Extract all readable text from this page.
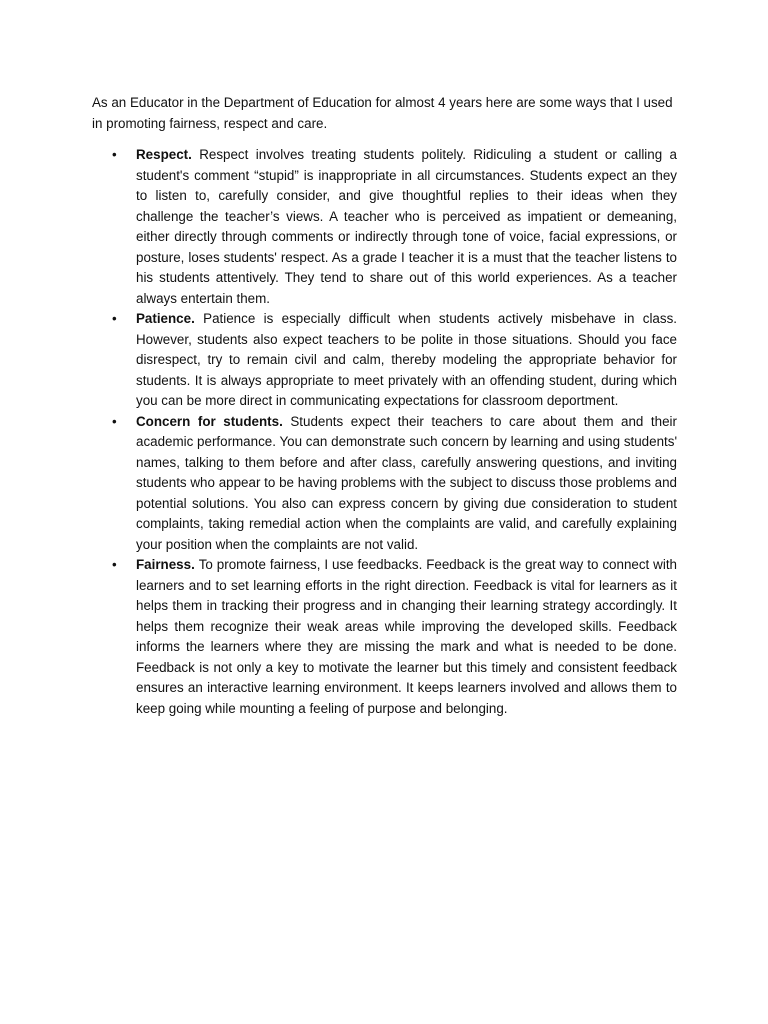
As an Educator in the Department of Education for almost 4 years here are some ways that I used in promoting fairness, respect and care.

• Respect. Respect involves treating students politely. Ridiculing a student or calling a student's comment “stupid” is inappropriate in all circumstances. Students expect an they to listen to, carefully consider, and give thoughtful replies to their ideas when they challenge the teacher’s views. A teacher who is perceived as impatient or demeaning, either directly through comments or indirectly through tone of voice, facial expressions, or posture, loses students' respect. As a grade I teacher it is a must that the teacher listens to his students attentively. They tend to share out of this world experiences. As a teacher always entertain them.
• Patience. Patience is especially difficult when students actively misbehave in class. However, students also expect teachers to be polite in those situations. Should you face disrespect, try to remain civil and calm, thereby modeling the appropriate behavior for students. It is always appropriate to meet privately with an offending student, during which you can be more direct in communicating expectations for classroom deportment.
• Concern for students. Students expect their teachers to care about them and their academic performance. You can demonstrate such concern by learning and using students' names, talking to them before and after class, carefully answering questions, and inviting students who appear to be having problems with the subject to discuss those problems and potential solutions. You also can express concern by giving due consideration to student complaints, taking remedial action when the complaints are valid, and carefully explaining your position when the complaints are not valid.
• Fairness. To promote fairness, I use feedbacks. Feedback is the great way to connect with learners and to set learning efforts in the right direction. Feedback is vital for learners as it helps them in tracking their progress and in changing their learning strategy accordingly. It helps them recognize their weak areas while improving the developed skills. Feedback informs the learners where they are missing the mark and what is needed to be done. Feedback is not only a key to motivate the learner but this timely and consistent feedback ensures an interactive learning environment. It keeps learners involved and allows them to keep going while mounting a feeling of purpose and belonging.
